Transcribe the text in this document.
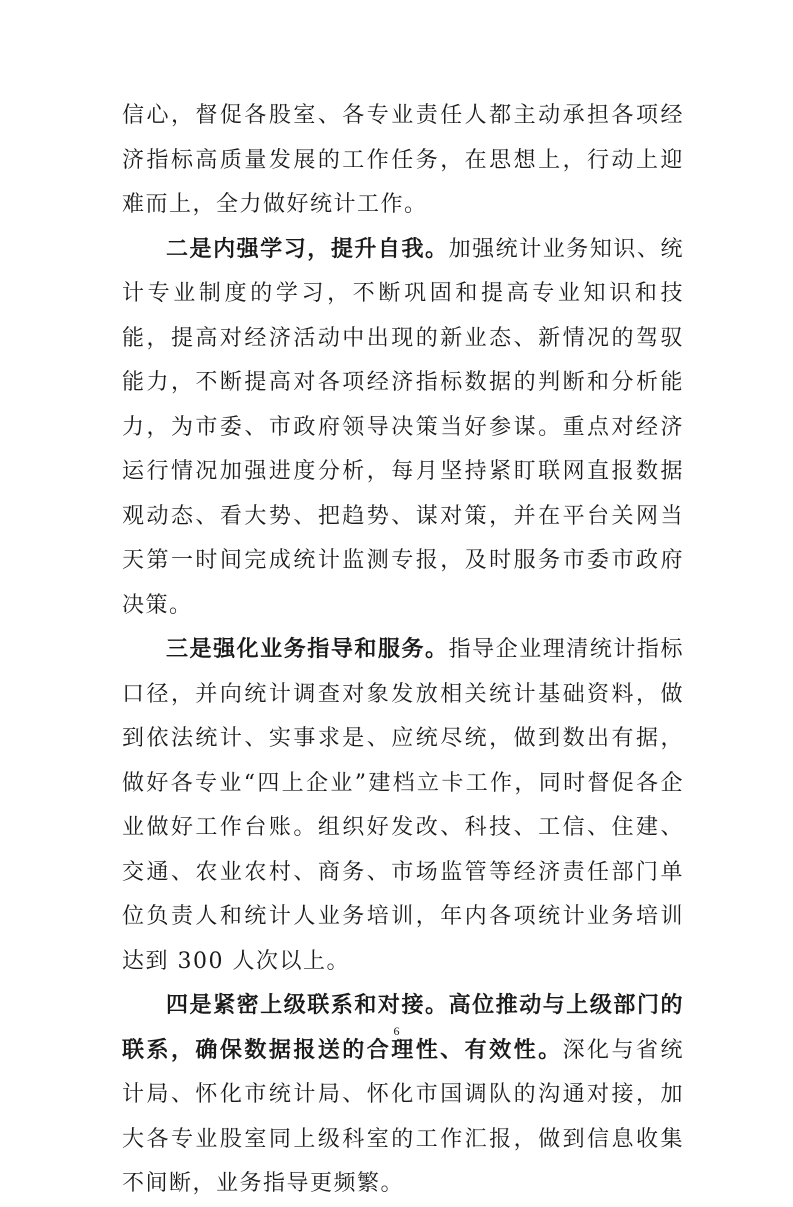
信心，督促各股室、各专业责任人都主动承担各项经济指标高质量发展的工作任务，在思想上，行动上迎难而上，全力做好统计工作。

二是内强学习，提升自我。加强统计业务知识、统计专业制度的学习，不断巩固和提高专业知识和技能，提高对经济活动中出现的新业态、新情况的驾驭能力，不断提高对各项经济指标数据的判断和分析能力，为市委、市政府领导决策当好参谋。重点对经济运行情况加强进度分析，每月坚持紧盯联网直报数据观动态、看大势、把趋势、谋对策，并在平台关网当天第一时间完成统计监测专报，及时服务市委市政府决策。

三是强化业务指导和服务。指导企业理清统计指标口径，并向统计调查对象发放相关统计基础资料，做到依法统计、实事求是、应统尽统，做到数出有据，做好各专业“四上企业”建档立卡工作，同时督促各企业做好工作台账。组织好发改、科技、工信、住建、交通、农业农村、商务、市场监管等经济责任部门单位负责人和统计人业务培训，年内各项统计业务培训达到 300 人次以上。

四是紧密上级联系和对接。高位推动与上级部门的联系，确保数据报送的合理性、有效性。深化与省统计局、怀化市统计局、怀化市国调队的沟通对接，加大各专业股室同上级科室的工作汇报，做到信息收集不间断，业务指导更频繁。

6
